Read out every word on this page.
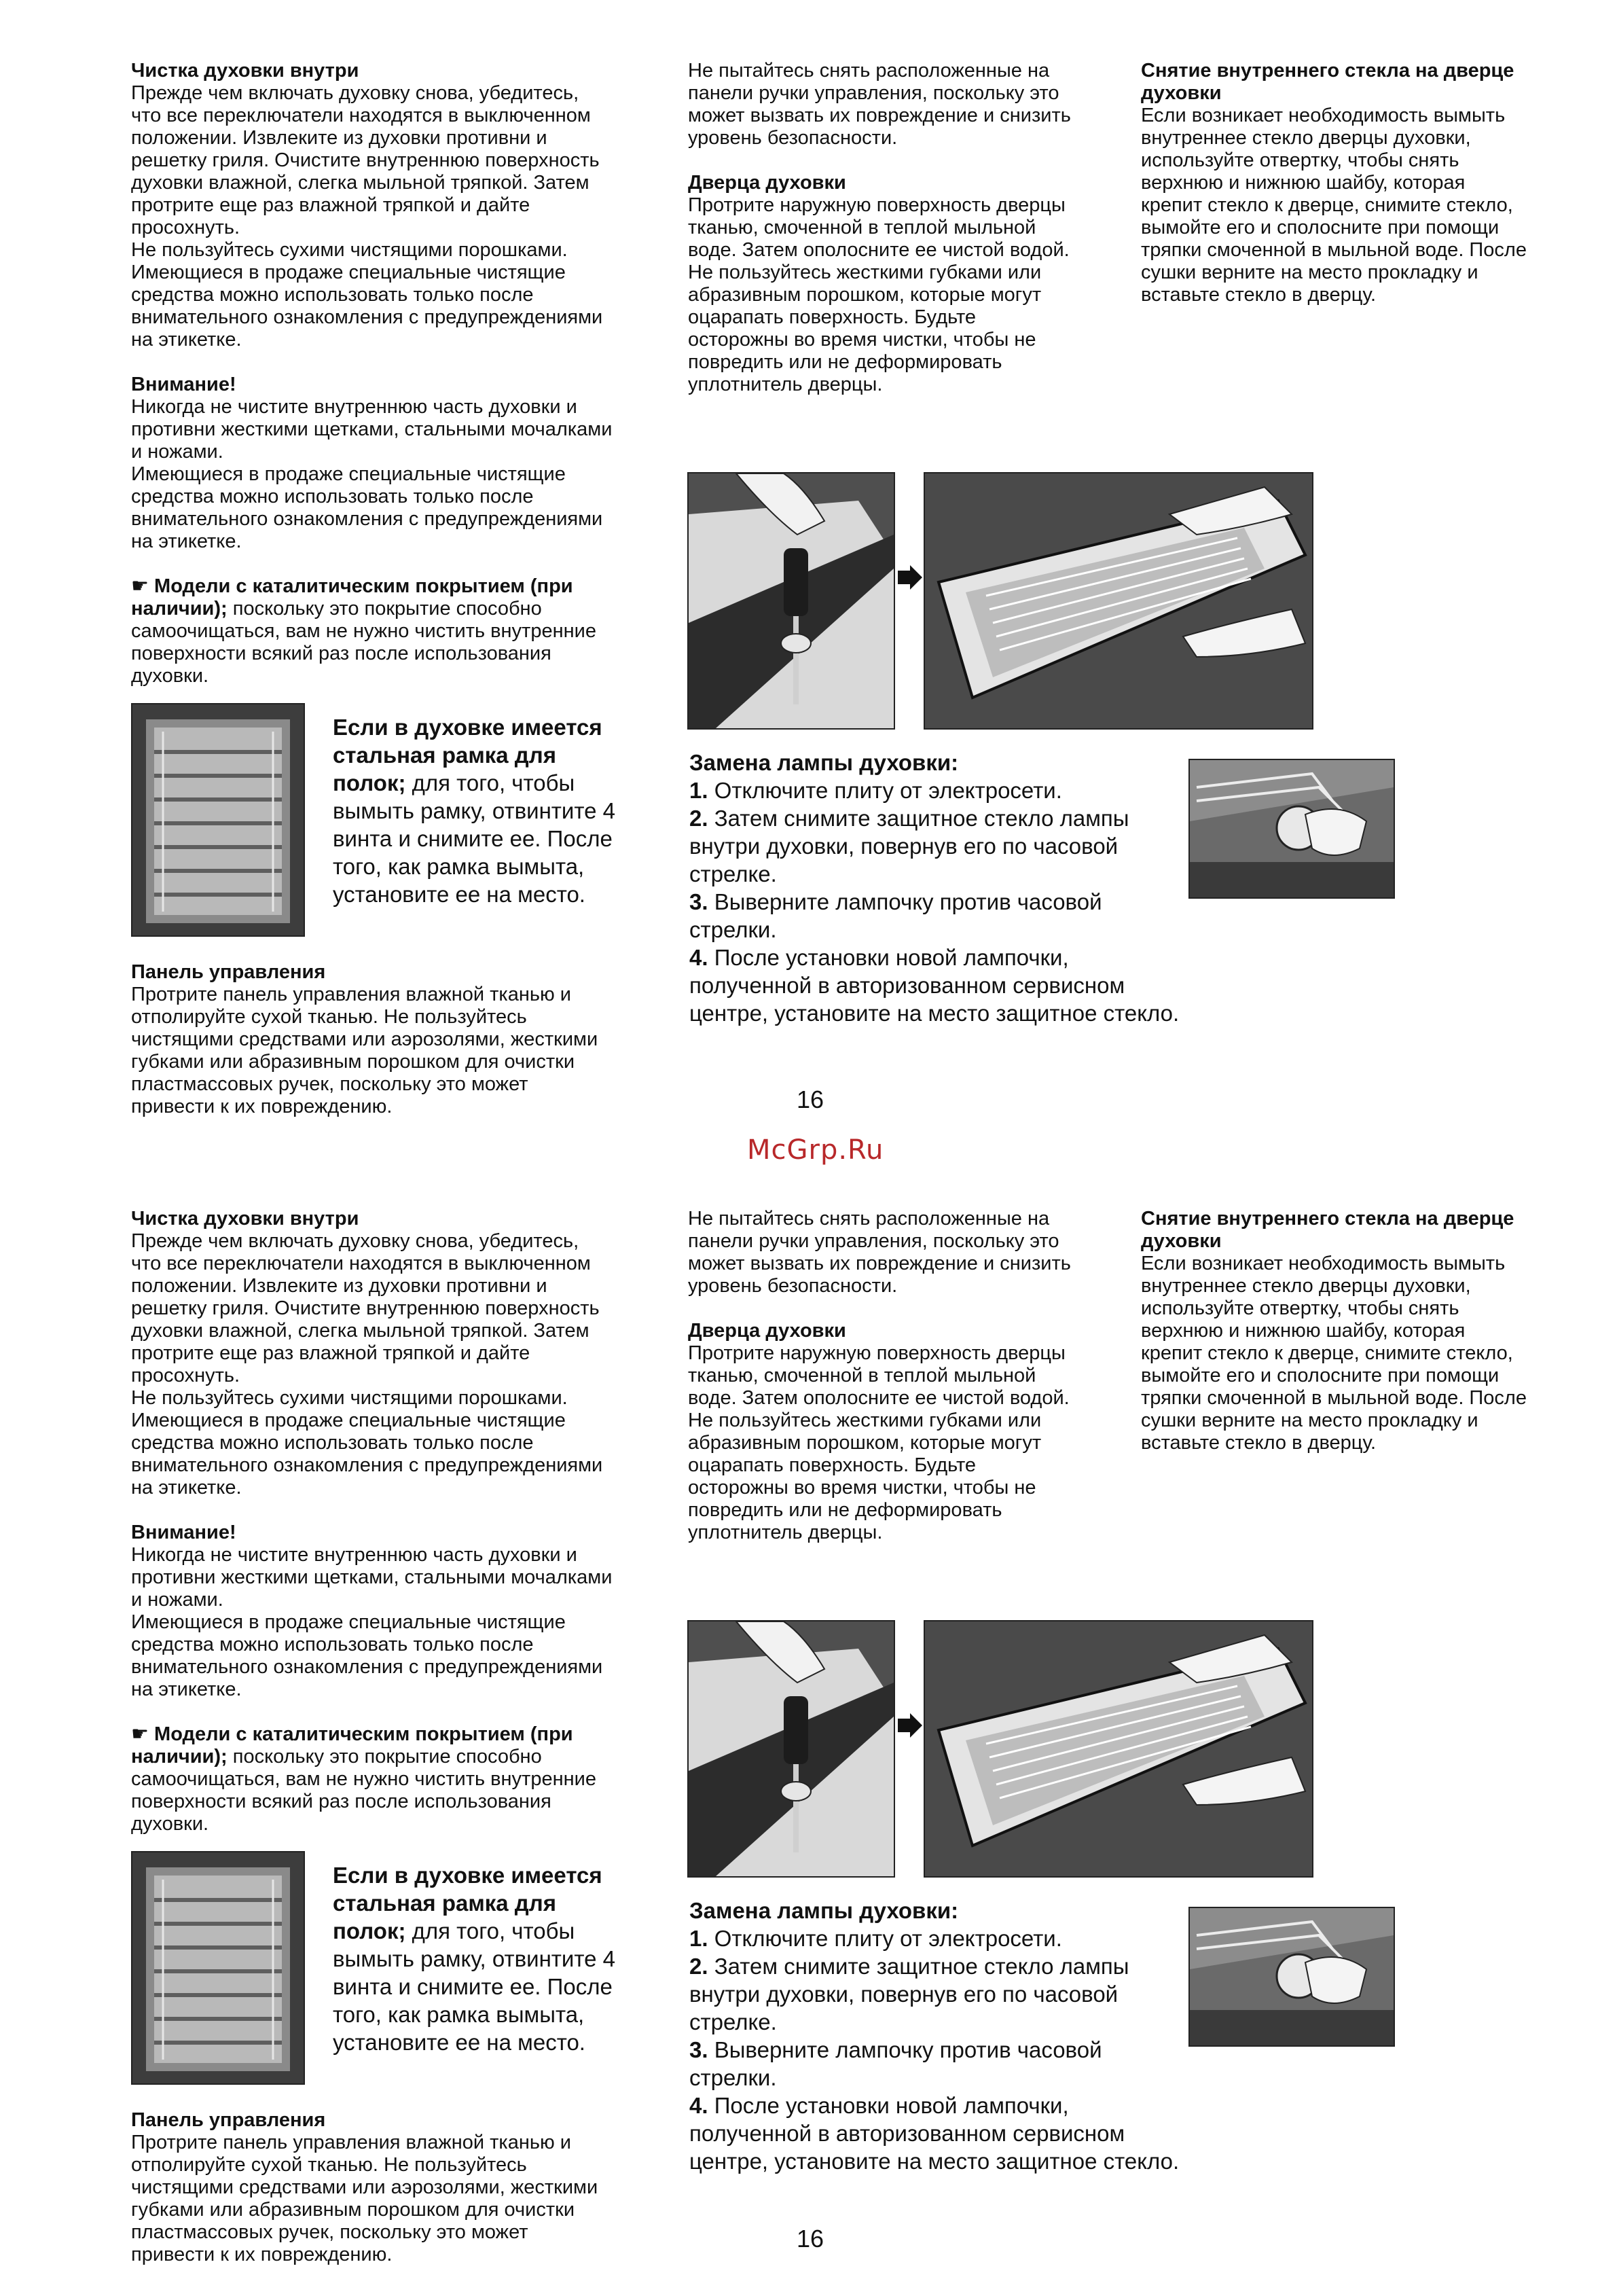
Чистка духовки внутри
Прежде чем включать духовку снова, убедитесь,
что все переключатели находятся в выключенном
положении. Извлеките из духовки противни и
решетку гриля. Очистите внутреннюю поверхность
духовки влажной, слегка мыльной тряпкой. Затем
протрите еще раз влажной тряпкой и дайте
просохнуть.
Не пользуйтесь сухими чистящими порошками.
Имеющиеся в продаже специальные чистящие
средства можно использовать только после
внимательного ознакомления с предупреждениями
на этикетке.
Внимание!
Никогда не чистите внутреннюю часть духовки и
противни жесткими щетками, стальными мочалками
и ножами.
Имеющиеся в продаже специальные чистящие
средства можно использовать только после
внимательного ознакомления с предупреждениями
на этикетке.
☛ Модели с каталитическим покрытием (при
наличии); поскольку это покрытие способно
самоочищаться, вам не нужно чистить внутренние
поверхности всякий раз после использования
духовки.
Если в духовке имеется
стальная рамка для
полок; для того, чтобы
вымыть рамку, отвинтите 4
винта и снимите ее. После
того, как рамка вымыта,
установите ее на место.
Панель управления
Протрите панель управления влажной тканью и
отполируйте сухой тканью. Не пользуйтесь
чистящими средствами или аэрозолями, жесткими
губками или абразивным порошком для очистки
пластмассовых ручек, поскольку это может
привести к их повреждению.
Не пытайтесь снять расположенные на
панели ручки управления, поскольку это
может вызвать их повреждение и снизить
уровень безопасности.
Дверца духовки
Протрите наружную поверхность дверцы
тканью, смоченной в теплой мыльной
воде. Затем ополосните ее чистой водой.
Не пользуйтесь жесткими губками или
абразивным порошком, которые могут
оцарапать поверхность. Будьте
осторожны во время чистки, чтобы не
повредить или не деформировать
уплотнитель дверцы.
Снятие внутреннего стекла на дверце
духовки
Если возникает необходимость вымыть
внутреннее стекло дверцы духовки,
используйте отвертку, чтобы снять
верхнюю и нижнюю шайбу, которая
крепит стекло к дверце, снимите стекло,
вымойте его и сполосните при помощи
тряпки смоченной в мыльной воде. После
сушки верните на место прокладку и
вставьте стекло в дверцу.
Замена лампы духовки:
1. Отключите плиту от электросети.
2. Затем снимите защитное стекло лампы
внутри духовки, повернув его по часовой
стрелке.
3. Выверните лампочку против часовой
стрелки.
4. После установки новой лампочки,
полученной в авторизованном сервисном
центре, установите на место защитное стекло.
16
McGrp.Ru
Чистка духовки внутри
Прежде чем включать духовку снова, убедитесь,
что все переключатели находятся в выключенном
положении. Извлеките из духовки противни и
решетку гриля. Очистите внутреннюю поверхность
духовки влажной, слегка мыльной тряпкой. Затем
протрите еще раз влажной тряпкой и дайте
просохнуть.
Не пользуйтесь сухими чистящими порошками.
Имеющиеся в продаже специальные чистящие
средства можно использовать только после
внимательного ознакомления с предупреждениями
на этикетке.
Внимание!
Никогда не чистите внутреннюю часть духовки и
противни жесткими щетками, стальными мочалками
и ножами.
Имеющиеся в продаже специальные чистящие
средства можно использовать только после
внимательного ознакомления с предупреждениями
на этикетке.
☛ Модели с каталитическим покрытием (при
наличии); поскольку это покрытие способно
самоочищаться, вам не нужно чистить внутренние
поверхности всякий раз после использования
духовки.
Если в духовке имеется
стальная рамка для
полок; для того, чтобы
вымыть рамку, отвинтите 4
винта и снимите ее. После
того, как рамка вымыта,
установите ее на место.
Панель управления
Протрите панель управления влажной тканью и
отполируйте сухой тканью. Не пользуйтесь
чистящими средствами или аэрозолями, жесткими
губками или абразивным порошком для очистки
пластмассовых ручек, поскольку это может
привести к их повреждению.
Не пытайтесь снять расположенные на
панели ручки управления, поскольку это
может вызвать их повреждение и снизить
уровень безопасности.
Дверца духовки
Протрите наружную поверхность дверцы
тканью, смоченной в теплой мыльной
воде. Затем ополосните ее чистой водой.
Не пользуйтесь жесткими губками или
абразивным порошком, которые могут
оцарапать поверхность. Будьте
осторожны во время чистки, чтобы не
повредить или не деформировать
уплотнитель дверцы.
Снятие внутреннего стекла на дверце
духовки
Если возникает необходимость вымыть
внутреннее стекло дверцы духовки,
используйте отвертку, чтобы снять
верхнюю и нижнюю шайбу, которая
крепит стекло к дверце, снимите стекло,
вымойте его и сполосните при помощи
тряпки смоченной в мыльной воде. После
сушки верните на место прокладку и
вставьте стекло в дверцу.
Замена лампы духовки:
1. Отключите плиту от электросети.
2. Затем снимите защитное стекло лампы
внутри духовки, повернув его по часовой
стрелке.
3. Выверните лампочку против часовой
стрелки.
4. После установки новой лампочки,
полученной в авторизованном сервисном
центре, установите на место защитное стекло.
16
